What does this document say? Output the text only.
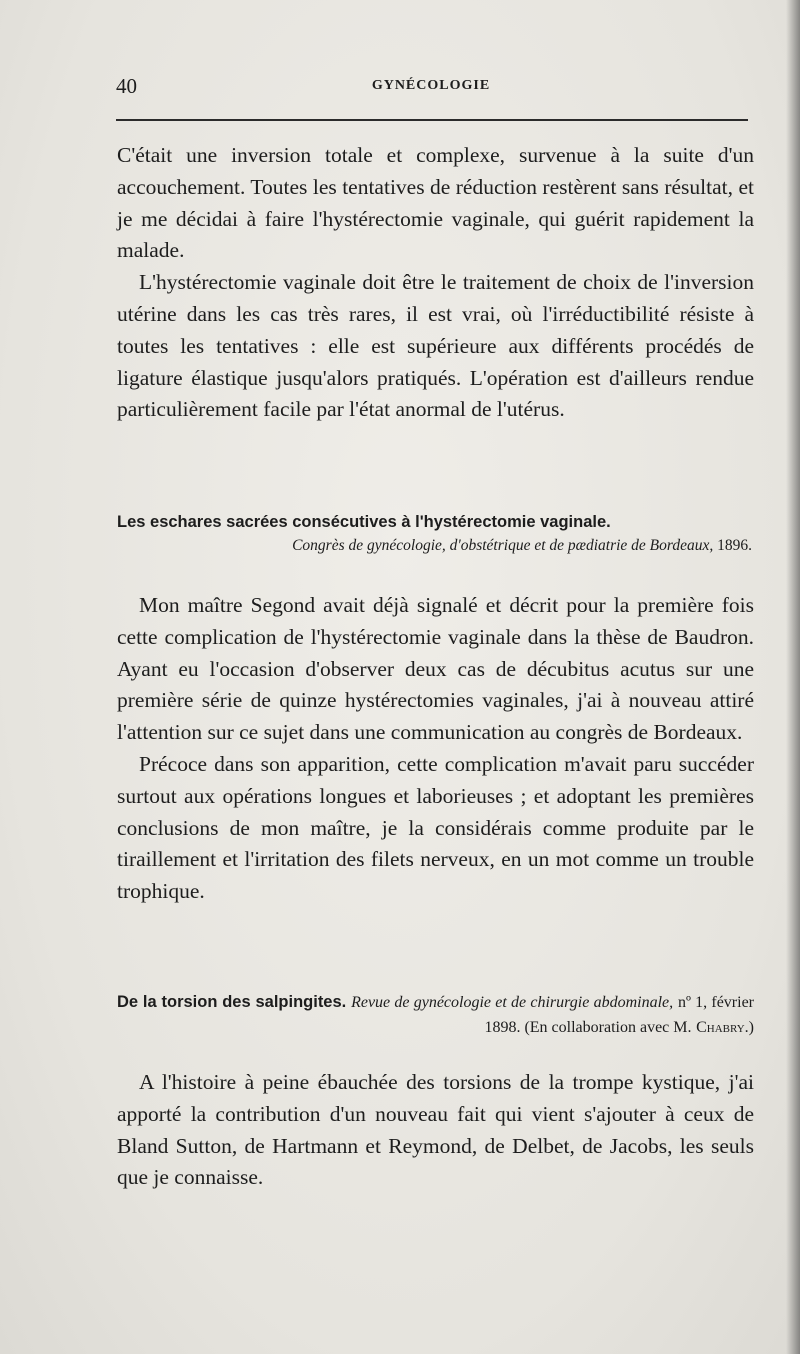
40	GYNÉCOLOGIE

C'était une inversion totale et complexe, survenue à la suite d'un accouchement. Toutes les tentatives de réduction restèrent sans résultat, et je me décidai à faire l'hystérectomie vaginale, qui guérit rapidement la malade.

L'hystérectomie vaginale doit être le traitement de choix de l'inversion utérine dans les cas très rares, il est vrai, où l'irréductibilité résiste à toutes les tentatives : elle est supérieure aux différents procédés de ligature élastique jusqu'alors pratiqués. L'opération est d'ailleurs rendue particulièrement facile par l'état anormal de l'utérus.

Les eschares sacrées consécutives à l'hystérectomie vaginale.
Congrès de gynécologie, d'obstétrique et de pædiatrie de Bordeaux, 1896.

Mon maître Segond avait déjà signalé et décrit pour la première fois cette complication de l'hystérectomie vaginale dans la thèse de Baudron. Ayant eu l'occasion d'observer deux cas de décubitus acutus sur une première série de quinze hystérectomies vaginales, j'ai à nouveau attiré l'attention sur ce sujet dans une communication au congrès de Bordeaux.

Précoce dans son apparition, cette complication m'avait paru succéder surtout aux opérations longues et laborieuses ; et adoptant les premières conclusions de mon maître, je la considérais comme produite par le tiraillement et l'irritation des filets nerveux, en un mot comme un trouble trophique.

De la torsion des salpingites. Revue de gynécologie et de chirurgie abdominale, nº 1, février 1898. (En collaboration avec M. Chabry.)

A l'histoire à peine ébauchée des torsions de la trompe kystique, j'ai apporté la contribution d'un nouveau fait qui vient s'ajouter à ceux de Bland Sutton, de Hartmann et Reymond, de Delbet, de Jacobs, les seuls que je connaisse.
